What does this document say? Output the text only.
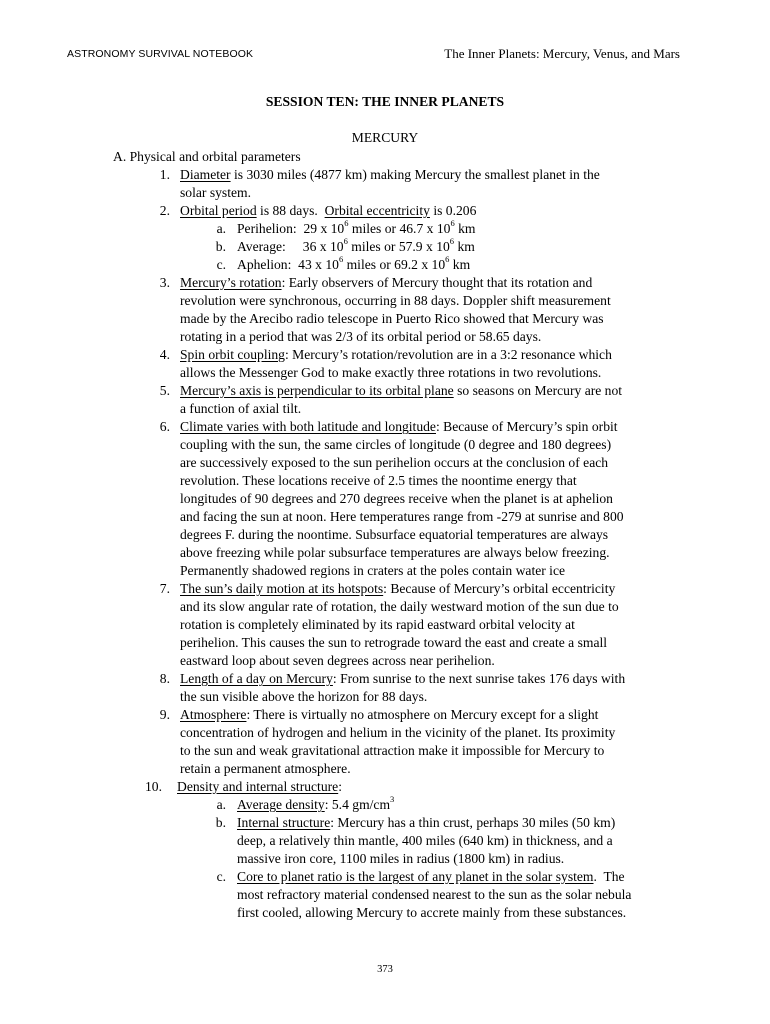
ASTRONOMY SURVIVAL NOTEBOOK	The Inner Planets: Mercury, Venus, and Mars
SESSION TEN: THE INNER PLANETS
MERCURY
A. Physical and orbital parameters
1. Diameter is 3030 miles (4877 km) making Mercury the smallest planet in the
solar system.
2. Orbital period is 88 days.  Orbital eccentricity is 0.206
a. Perihelion:  29 x $10^6$ miles or 46.7 x $10^6$ km
b. Average:     36 x $10^6$ miles or 57.9 x $10^6$ km
c. Aphelion:  43 x $10^6$ miles or 69.2 x $10^6$ km
3. Mercury’s rotation: Early observers of Mercury thought that its rotation and
revolution were synchronous, occurring in 88 days. Doppler shift measurement
made by the Arecibo radio telescope in Puerto Rico showed that Mercury was
rotating in a period that was 2/3 of its orbital period or 58.65 days.
4. Spin orbit coupling: Mercury’s rotation/revolution are in a 3:2 resonance which
allows the Messenger God to make exactly three rotations in two revolutions.
5. Mercury’s axis is perpendicular to its orbital plane so seasons on Mercury are not
a function of axial tilt.
6. Climate varies with both latitude and longitude: Because of Mercury’s spin orbit
coupling with the sun, the same circles of longitude (0 degree and 180 degrees)
are successively exposed to the sun perihelion occurs at the conclusion of each
revolution. These locations receive of 2.5 times the noontime energy that
longitudes of 90 degrees and 270 degrees receive when the planet is at aphelion
and facing the sun at noon. Here temperatures range from -279 at sunrise and 800
degrees F. during the noontime. Subsurface equatorial temperatures are always
above freezing while polar subsurface temperatures are always below freezing.
Permanently shadowed regions in craters at the poles contain water ice
7. The sun’s daily motion at its hotspots: Because of Mercury’s orbital eccentricity
and its slow angular rate of rotation, the daily westward motion of the sun due to
rotation is completely eliminated by its rapid eastward orbital velocity at
perihelion. This causes the sun to retrograde toward the east and create a small
eastward loop about seven degrees across near perihelion.
8. Length of a day on Mercury: From sunrise to the next sunrise takes 176 days with
the sun visible above the horizon for 88 days.
9. Atmosphere: There is virtually no atmosphere on Mercury except for a slight
concentration of hydrogen and helium in the vicinity of the planet. Its proximity
to the sun and weak gravitational attraction make it impossible for Mercury to
retain a permanent atmosphere.
10. Density and internal structure:
a. Average density: 5.4 $gm/cm^3$
b. Internal structure: Mercury has a thin crust, perhaps 30 miles (50 km)
deep, a relatively thin mantle, 400 miles (640 km) in thickness, and a
massive iron core, 1100 miles in radius (1800 km) in radius.
c. Core to planet ratio is the largest of any planet in the solar system.  The
most refractory material condensed nearest to the sun as the solar nebula
first cooled, allowing Mercury to accrete mainly from these substances.
373
